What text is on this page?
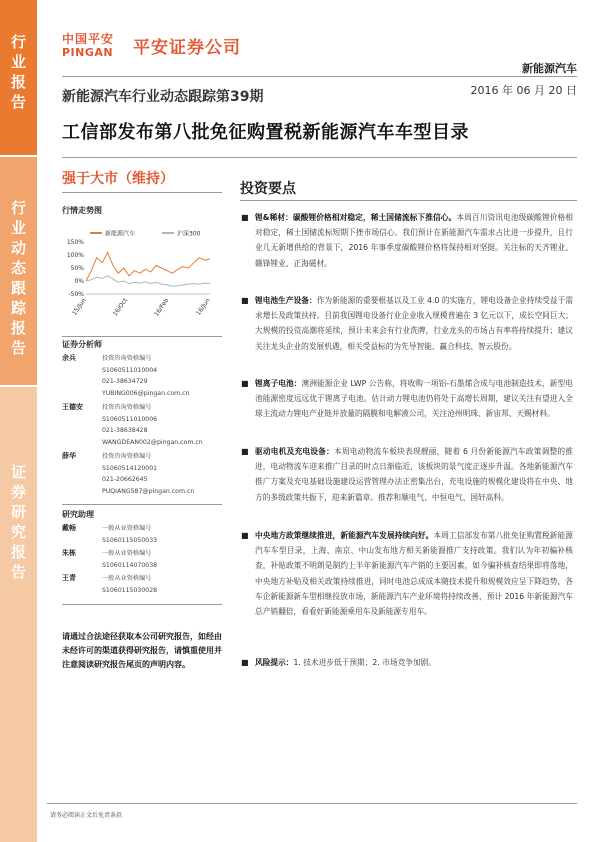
行
业
报
告
行
业
动
态
跟
踪
报
告
证
券
研
究
报
告
中国平安
PINGAN 平安证券公司
新能源汽车
新能源汽车行业动态跟踪第39期	2016 年 06 月 20 日
工信部发布第八批免征购置税新能源汽车车型目录
强于大市（维持）
行情走势图
新能源汽车	沪深300
150%
100%
50%
0%
-50%
15/Jun	16/Oct	16/Feb	16/Jun
证券分析师
余兵	投资咨询资格编号
S1060511010004
021-38634729
YUBING006@pingan.com.cn
王德安	投资咨询资格编号
S1060511010006
021-38638428
WANGDEAN002@pingan.com.cn
薛华	投资咨询资格编号
S1060514120001
021-20662645
PUQIANG587@pingan.com.cn
研究助理
戴畅	一般从业资格编号
S1060115050033
朱栋	一般从业资格编号
S1060114070038
王青	一般从业资格编号
S1060115030028
请通过合法途径获取本公司研究报告，如经由未经许可的渠道获得研究报告，请慎重使用并注意阅读研究报告尾页的声明内容。
投资要点
■ 锂&稀材：碳酸锂价格相对稳定，稀土国储流标下推信心。本周百川资讯电池级碳酸锂价格相对稳定，稀土国储流标短期下挫市场信心。我们预计在新能源汽车需求占比进一步提升，且行业几无新增供给的背景下，2016 年事季度碳酸锂价格将保持相对坚挺。关注标的天齐锂业、赣锋锂业、正海磁材。

■ 锂电池生产设备：作为新能源的重要根基以及工业 4.0 的实施方，锂电设备企业持续受益于需求增长及政策扶持。目前我国锂电设备行业企业收入规模普遍在 3 亿元以下，成长空间巨大；大规模的投资高潮将延续，预计未来会有行业洗牌，行业龙头的市场占有率将持续提升；建议关注龙头企业的发展机遇，相关受益标的为先导智能、赢合科技、智云股份。

■ 锂离子电池：澳洲能源企业 LWP 公告称，将收购一项铝-石墨烯合成与电池制造技术，新型电池能源密度远远优于锂离子电池。估计动力锂电池仍将处于高增长周期，建议关注有望进入全球主流动力锂电产业链并放量的隔膜和电解液公司，关注沧州明珠、新宙邦、天赐材料。

■ 驱动电机及充电设备：本周电动物流车板块表现靓丽，随着 6 月份新能源汽车政策调整的推进，电动物流车迎来推广目录的时点日渐临近，该板块的景气度正逐步升温。各地新能源汽车推广方案及充电基础设施建设运营管理办法正密集出台，充电设施的规模化建设将在中央、地方的多级政策共振下，迎来新篇章。推荐和顺电气、中恒电气、国轩高科。

■ 中央地方政策继续推进，新能源汽车发展持续向好。本周工信部发布第八批免征购置税新能源汽车车型目录，上海、南京、中山发布地方相关新能源推广支持政策。我们认为年初骗补核查，补贴政策不明朗是制约上半年新能源汽车产销的主要因素，如今骗补核查结果即将落地，中央地方补贴及相关政策持续推进，同时电池总成成本随技术提升和规模效应呈下降趋势，各车企新能源新车型相继投放市场，新能源汽车产业环境将持续改善，预计 2016 年新能源汽车总产销翻倍，看看好新能源乘用车及新能源专用车。

■ 风险提示：1. 技术进步低于预期；2. 市场竞争加剧。

请务必阅读正文后免责条款
